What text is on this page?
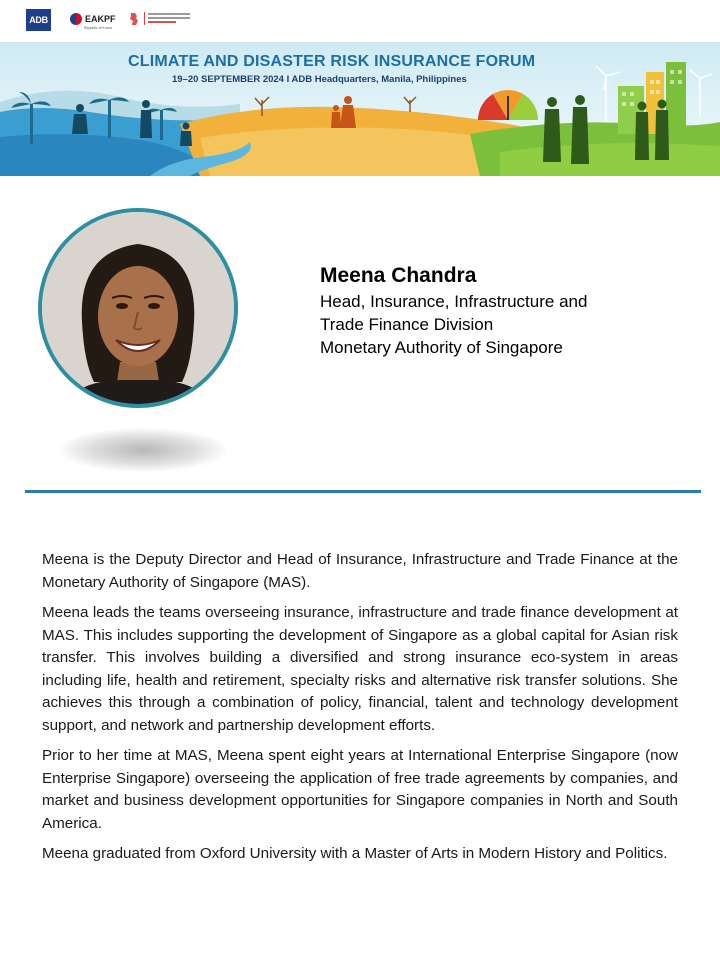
ADB	EAKPF
Republic of Korea
CLIMATE AND DISASTER RISK INSURANCE FORUM
19–20 SEPTEMBER 2024 I ADB Headquarters, Manila, Philippines
Meena Chandra
Head, Insurance, Infrastructure and
Trade Finance Division
Monetary Authority of Singapore

Meena is the Deputy Director and Head of Insurance, Infrastructure and Trade Finance at the Monetary Authority of Singapore (MAS).

Meena leads the teams overseeing insurance, infrastructure and trade finance development at MAS. This includes supporting the development of Singapore as a global capital for Asian risk transfer. This involves building a diversified and strong insurance eco-system in areas including life, health and retirement, specialty risks and alternative risk transfer solutions. She achieves this through a combination of policy, financial, talent and technology development support, and network and partnership development efforts.

Prior to her time at MAS, Meena spent eight years at International Enterprise Singapore (now Enterprise Singapore) overseeing the application of free trade agreements by companies, and market and business development opportunities for Singapore companies in North and South America.

Meena graduated from Oxford University with a Master of Arts in Modern History and Politics.
